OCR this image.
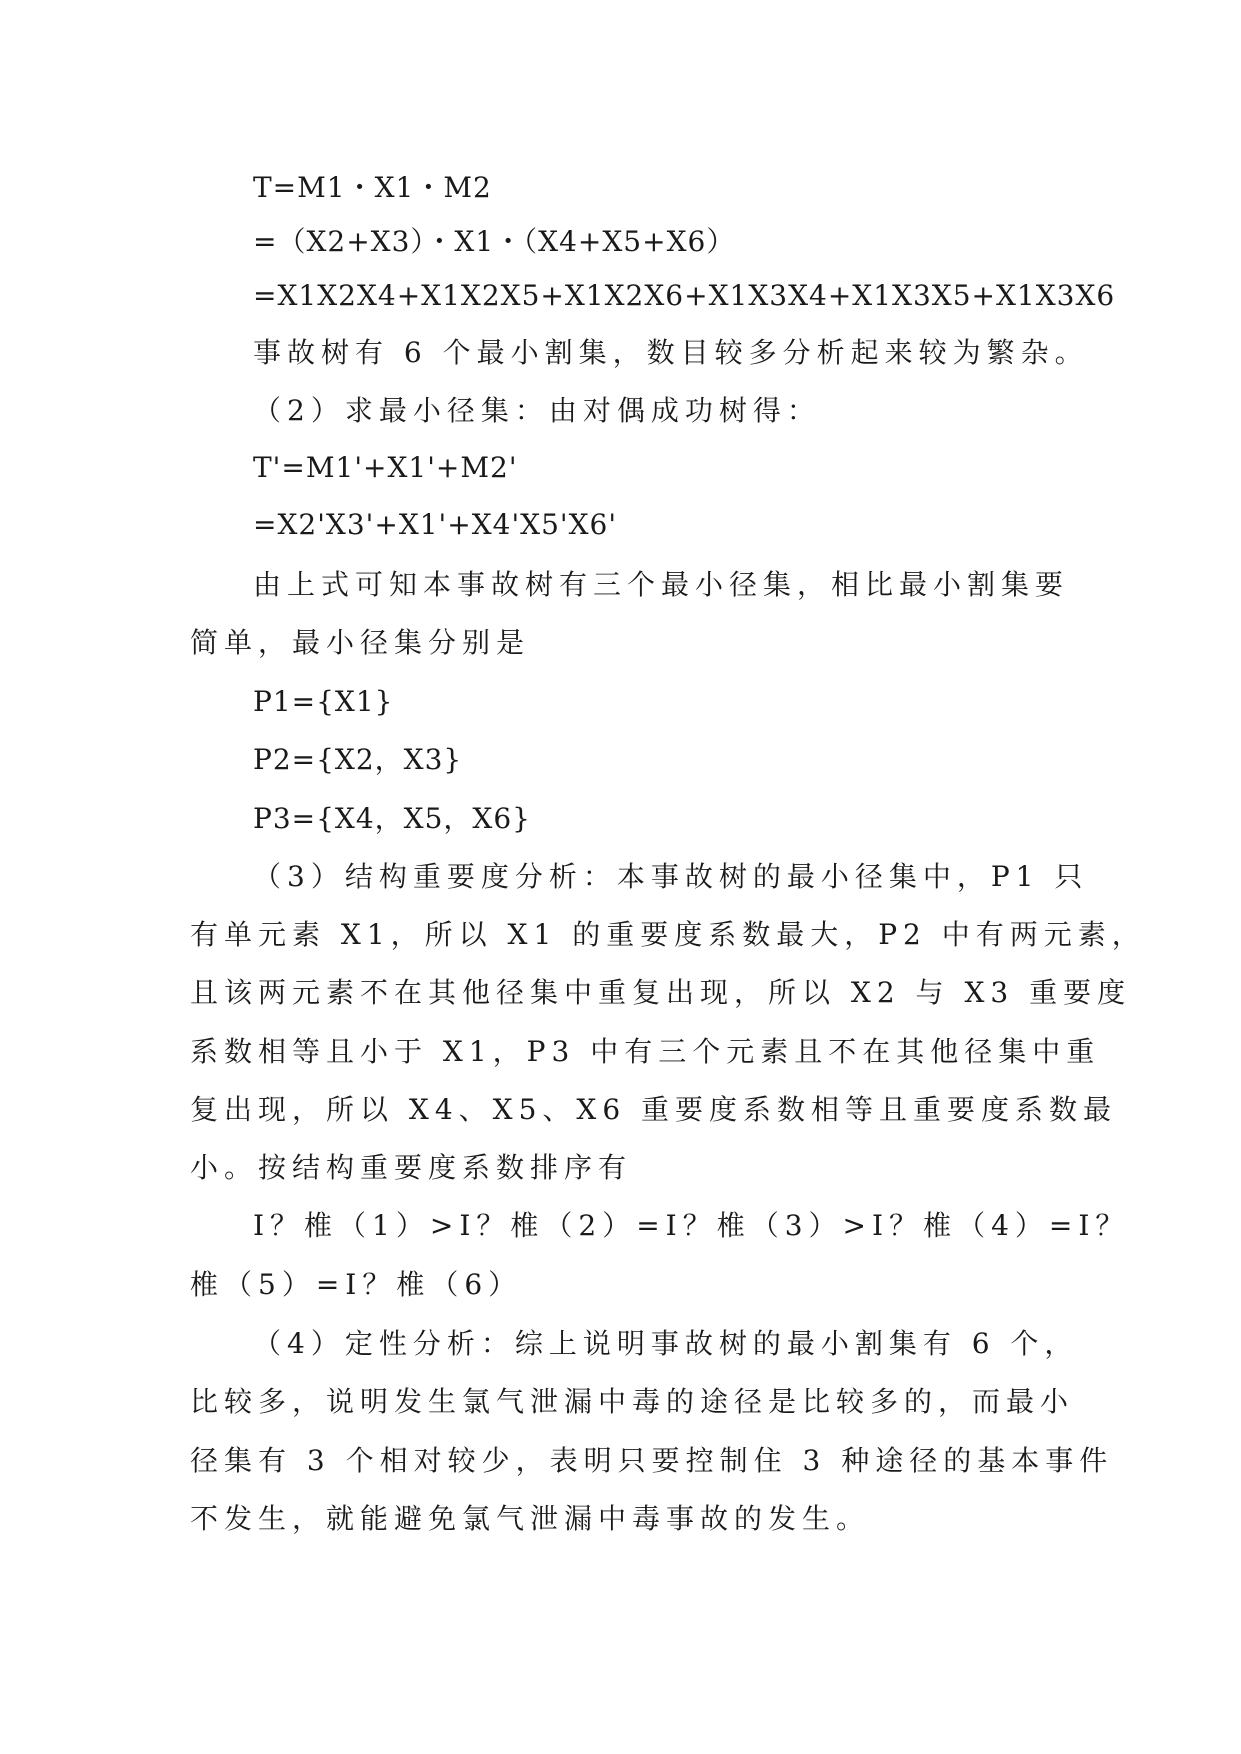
T=M1・X1・M2
=（X2+X3）・X1・（X4+X5+X6）
=X1X2X4+X1X2X5+X1X2X6+X1X3X4+X1X3X5+X1X3X6
事故树有 6 个最小割集，数目较多分析起来较为繁杂。
（2）求最小径集：由对偶成功树得：
T'=M1'+X1'+M2'
=X2'X3'+X1'+X4'X5'X6'
由上式可知本事故树有三个最小径集，相比最小割集要
简单，最小径集分别是
P1={X1}
P2={X2，X3}
P3={X4，X5，X6}
（3）结构重要度分析：本事故树的最小径集中，P1 只
有单元素 X1，所以 X1 的重要度系数最大，P2 中有两元素，
且该两元素不在其他径集中重复出现，所以 X2 与 X3 重要度
系数相等且小于 X1，P3 中有三个元素且不在其他径集中重
复出现，所以 X4、X5、X6 重要度系数相等且重要度系数最
小。按结构重要度系数排序有
I？椎（1）>I？椎（2）=I？椎（3）>I？椎（4）=I？
椎（5）=I？椎（6）
（4）定性分析：综上说明事故树的最小割集有 6 个，
比较多，说明发生氯气泄漏中毒的途径是比较多的，而最小
径集有 3 个相对较少，表明只要控制住 3 种途径的基本事件
不发生，就能避免氯气泄漏中毒事故的发生。
